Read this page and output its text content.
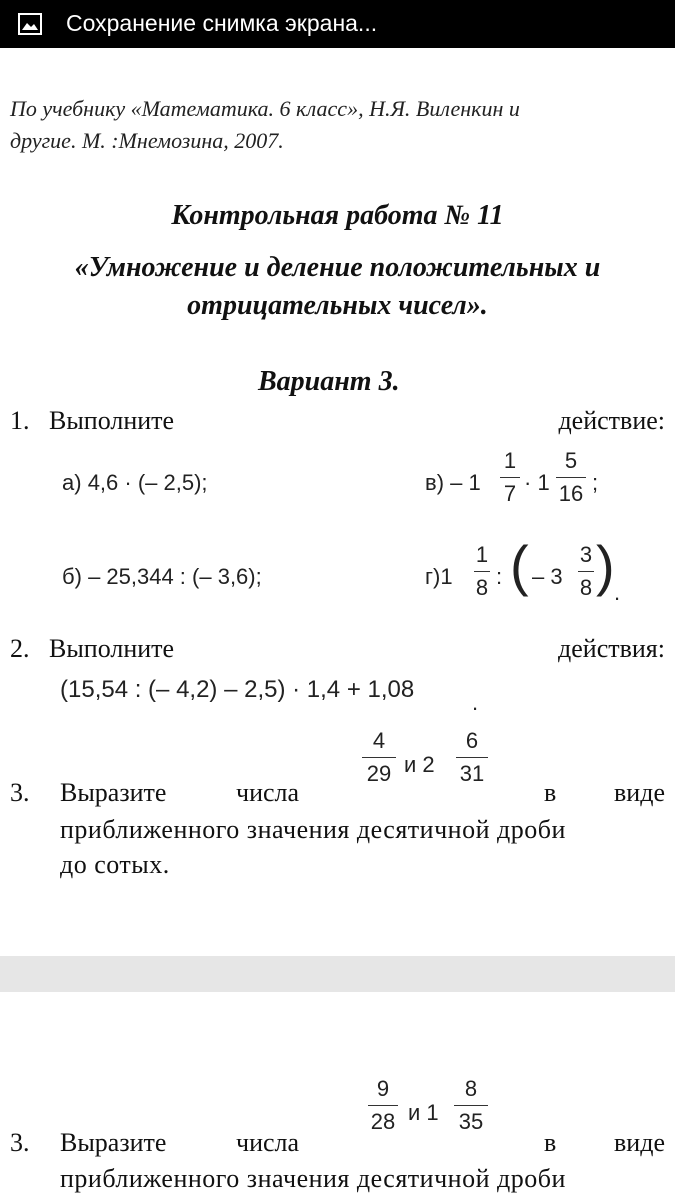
Сохранение снимка экрана...
По учебнику «Математика. 6 класс», Н.Я. Виленкин и
другие. М. :Мнемозина, 2007.
Контрольная работа № 11
«Умножение и деление положительных и
отрицательных чисел».
Вариант 3.
1. Выполните	действие:
а) 4,6 · (– 2,5);	в) – 1
1
7 · 1
5
16 ;
б) – 25,344 : (– 3,6);	г)1
1
8 : ( – 3
3
8 ) .
2. Выполните	действия:
(15,54 : (– 4,2) – 2,5) · 1,4 + 1,08	.
4
29 и 2
6
31
3. Выразите	числа	в виде
приближенного значения десятичной дроби
до сотых.
9
28 и 1
8
35
3. Выразите	числа	в виде
приближенного значения десятичной дроби
